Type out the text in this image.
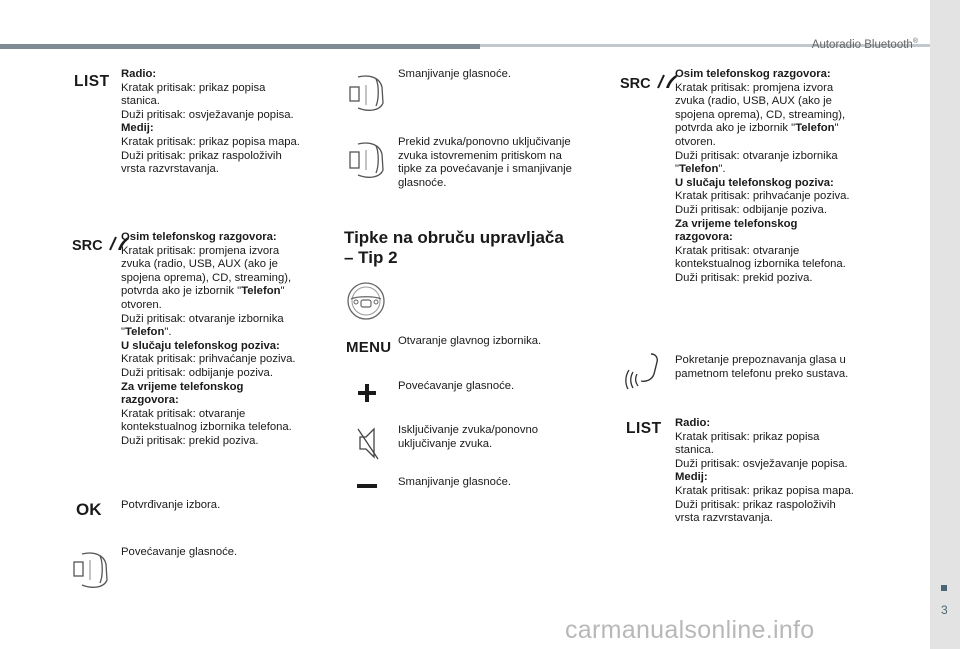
Autoradio Bluetooth®
3
carmanualsonline.info
LIST Radio:
Kratak pritisak: prikaz popisa
stanica.
Duži pritisak: osvježavanje popisa.
Medij:
Kratak pritisak: prikaz popisa mapa.
Duži pritisak: prikaz raspoloživih
vrsta razvrstavanja.
SRC
Osim telefonskog razgovora:
Kratak pritisak: promjena izvora
zvuka (radio, USB, AUX (ako je
spojena oprema), CD, streaming),
potvrda ako je izbornik "Telefon"
otvoren.
Duži pritisak: otvaranje izbornika
"Telefon".
U slučaju telefonskog poziva:
Kratak pritisak: prihvaćanje poziva.
Duži pritisak: odbijanje poziva.
Za vrijeme telefonskog
razgovora:
Kratak pritisak: otvaranje
kontekstualnog izbornika telefona.
Duži pritisak: prekid poziva.
OK Potvrđivanje izbora.
Povećavanje glasnoće.
Smanjivanje glasnoće.
Prekid zvuka/ponovno uključivanje
zvuka istovremenim pritiskom na
tipke za povećavanje i smanjivanje
glasnoće.
Tipke na obruču upravljača
– Tip 2
MENU Otvaranje glavnog izbornika.
Povećavanje glasnoće.
Isključivanje zvuka/ponovno
uključivanje zvuka.
Smanjivanje glasnoće.
SRC
Osim telefonskog razgovora:
Kratak pritisak: promjena izvora
zvuka (radio, USB, AUX (ako je
spojena oprema), CD, streaming),
potvrda ako je izbornik "Telefon"
otvoren.
Duži pritisak: otvaranje izbornika
"Telefon".
U slučaju telefonskog poziva:
Kratak pritisak: prihvaćanje poziva.
Duži pritisak: odbijanje poziva.
Za vrijeme telefonskog
razgovora:
Kratak pritisak: otvaranje
kontekstualnog izbornika telefona.
Duži pritisak: prekid poziva.
Pokretanje prepoznavanja glasa u
pametnom telefonu preko sustava.
LIST Radio:
Kratak pritisak: prikaz popisa
stanica.
Duži pritisak: osvježavanje popisa.
Medij:
Kratak pritisak: prikaz popisa mapa.
Duži pritisak: prikaz raspoloživih
vrsta razvrstavanja.
